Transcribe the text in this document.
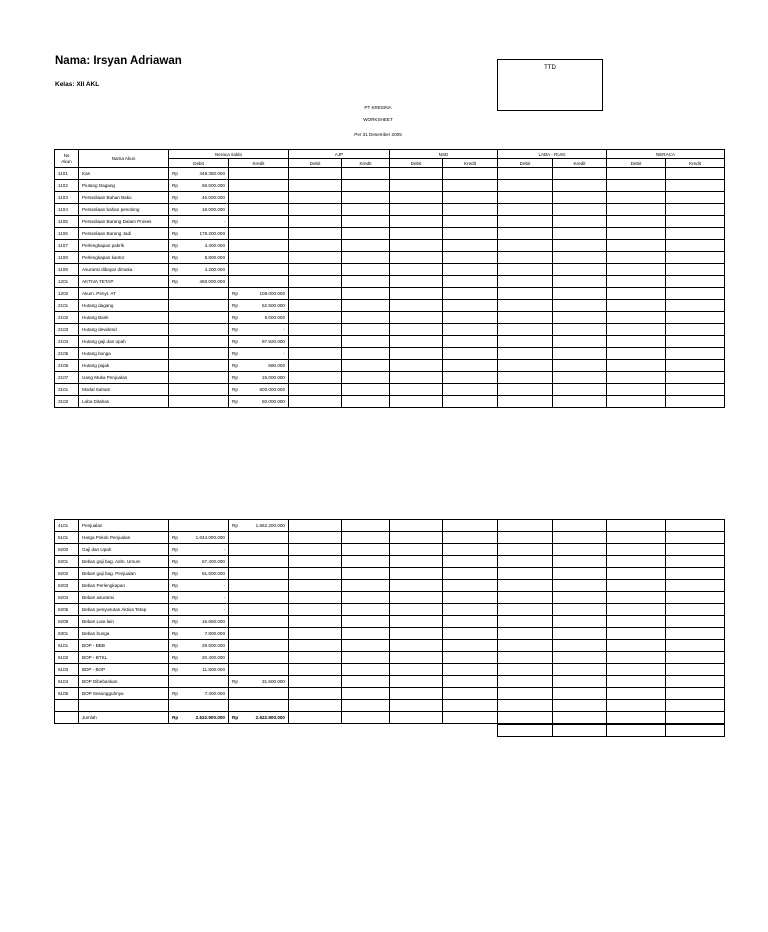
Nama: Irsyan Adriawan
Kelas: XII AKL
TTD
PT KRESINA
WORKSHEET
Per 31 Desember 2005
No Akun	Nama Akun	Neraca saldo		AJP		NSD		LABA - RUGI		NERACA	
		Debit	Kredit	Debit	Kredit	Debit	Kredit	Debit	Kredit	Debit	Kredit
1101	Kas	Rp 449.350.000									

1102	Piutang Dagang	Rp 66.500.000									

1103	Persediaan Bahan Baku	Rp 45.000.000									

1104	Persediaan bahan penolong	Rp 18.000.000									

1105	Persediaan Barang Dalam Proses	Rp -									

1106	Persediaan Barang Jadi	Rp 178.200.000									

1107	Perlengkapan pabrik	Rp 4.400.000									

1108	Perlengkapan kantor	Rp 5.800.000									

1109	Asuransi dibayar dimuka	Rp 4.200.000									

1201	AKTIVA TETAP	Rp 460.000.000									

1202	Akum. Penyt. AT		Rp 108.000.000								

2101	Hutang dagang		Rp 52.500.000								

2102	Hutang Bank		Rp 5.000.000								

2103	Hutang devidend		Rp -								

2104	Hutang gaji dan upah		Rp 97.920.000								

2105	Hutang bunga		Rp -								

2106	Hutang pajak		Rp 680.000								

2107	Uang Muka Penjualan		Rp 15.000.000								

3101	Modal Saham		Rp 500.000.000								

3102	Laba Ditahan		Rp 50.000.000								

4101	Penjualan		Rp 1.662.200.000								

5101	Harga Pokok Penjualan	Rp 1.044.000.000									

5200	Gaji dan Upah	Rp -									

5201	Beban gaji bag. Adm. Umum	Rp 67.400.000									

5202	Beban gaji bag. Penjualan	Rp 81.500.000									

5203	Beban Perlengkapan	Rp -									

5204	Beban asuransi	Rp -									

5205	Beban penyusutan Aktiva Tetap	Rp -									

5209	Beban Lain-lain	Rp 15.650.000									

5301	Beban bunga	Rp 7.800.000									

6101	BOP - BBB	Rp 29.500.000									

6102	BOP - BTKL	Rp 20.400.000									

6103	BDP - BOP	Rp 11.800.000									

6104	BOP Dibebankan		Rp 31.600.000								

6105	BOP Sesungguhnya	Rp 7.400.000									

	Jumlah	Rp 2.522.900.000	Rp 2.522.900.000								
